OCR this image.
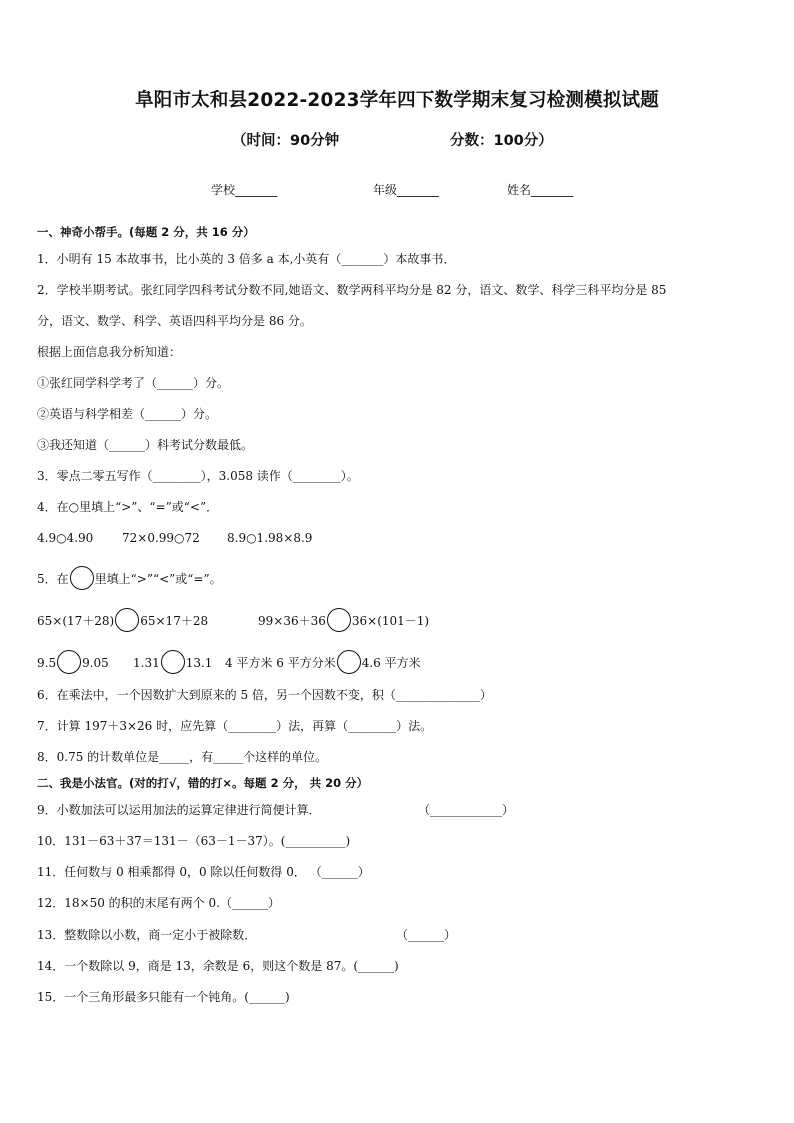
阜阳市太和县2022-2023学年四下数学期末复习检测模拟试题
（时间：90分钟	分数：100分）
学校_______	年级_______	姓名_______
一、神奇小帮手。(每题 2 分，共 16 分）
1．小明有 15 本故事书，比小英的 3 倍多 a 本,小英有（_______）本故事书．
2．学校半期考试。张红同学四科考试分数不同,她语文、数学两科平均分是 82 分，语文、数学、科学三科平均分是 85
分，语文、数学、科学、英语四科平均分是 86 分。
根据上面信息我分析知道：
①张红同学科学考了（______）分。
②英语与科学相差（______）分。
③我还知道（______）科考试分数最低。
3．零点二零五写作（________），3.058 读作（________）。
4．在○里填上“>”、“=”或“<”．
4.9○4.90 72×0.99○72 8.9○1.98×8.9
5．在 里填上“>”“<”或“=”。
65×(17＋28) 65×17＋28	99×36＋36 36×(101－1)
9.5 9.05 1.31 13.1 4 平方米 6 平方分米 4.6 平方米
6．在乘法中，一个因数扩大到原来的 5 倍，另一个因数不变，积（______________）
7．计算 197＋3×26 时，应先算（________）法，再算（________）法。
8．0.75 的计数单位是_____，有_____个这样的单位。
二、我是小法官。(对的打√，错的打×。每题 2 分， 共 20 分）
9．小数加法可以运用加法的运算定律进行简便计算．	（____________）
10．131－63＋37＝131－（63－1－37）。(__________)
11．任何数与 0 相乘都得 0，0 除以任何数得 0． （______）
12．18×50 的积的末尾有两个 0.（______）
13．整数除以小数，商一定小于被除数．	（______）
14．一个数除以 9，商是 13，余数是 6，则这个数是 87。(______)
15．一个三角形最多只能有一个钝角。(______)
